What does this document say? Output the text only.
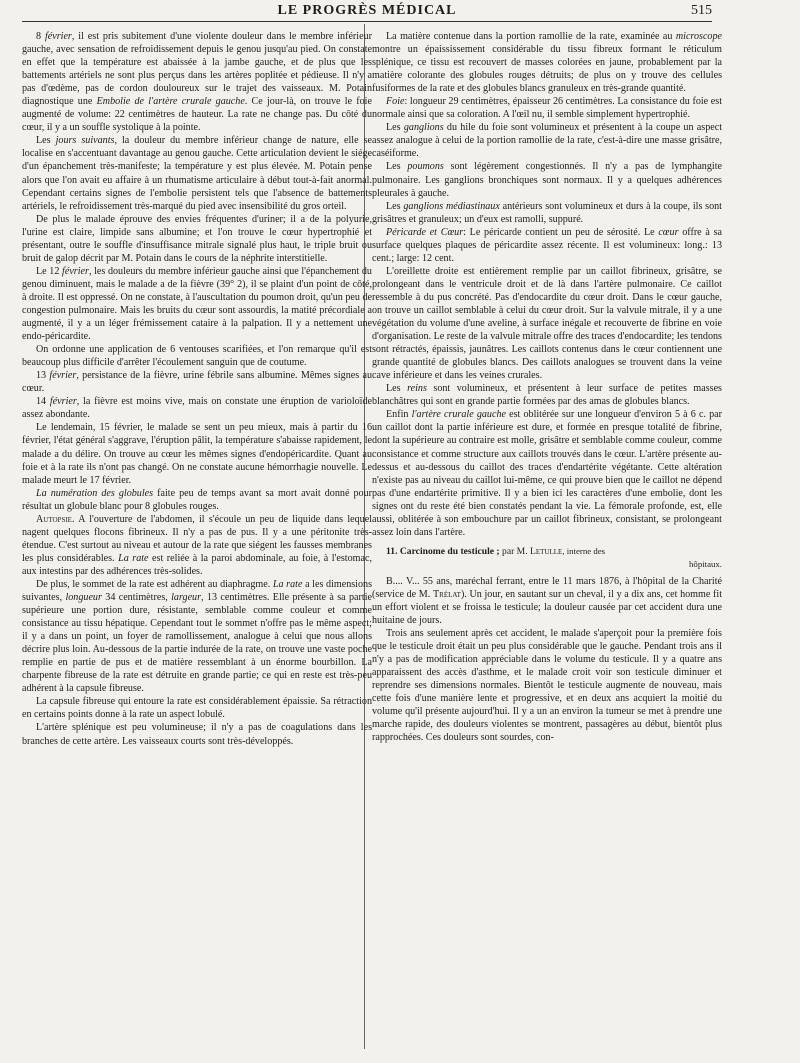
LE PROGRÈS MÉDICAL	515

8 février, il est pris subitement d'une violente douleur dans le membre inférieur gauche, avec sensation de refroidissement depuis le genou jusqu'au pied. On constate en effet que la température est abaissée à la jambe gauche, et de plus que les battements artériels ne sont plus perçus dans les artères poplitée et pédieuse. Il n'y a pas d'œdème, pas de cordon douloureux sur le trajet des vaisseaux. M. Potain diagnostique une Embolie de l'artère crurale gauche. Ce jour-là, on trouve le foie augmenté de volume: 22 centimètres de hauteur. La rate ne change pas. Du côté du cœur, il y a un souffle systolique à la pointe.

Les jours suivants, la douleur du membre inférieur change de nature, elle se localise en s'accentuant davantage au genou gauche. Cette articulation devient le siége d'un épanchement très-manifeste; la température y est plus élevée. M. Potain pense alors que l'on avait eu affaire à un rhumatisme articulaire à début tout-à-fait anormal. Cependant certains signes de l'embolie persistent tels que l'absence de battements artériels, le refroidissement très-marqué du pied avec insensibilité du gros orteil.

De plus le malade éprouve des envies fréquentes d'uriner; il a de la polyurie, l'urine est claire, limpide sans albumine; et l'on trouve le cœur hypertrophié et présentant, outre le souffle d'insuffisance mitrale signalé plus haut, le triple bruit ou bruit de galop décrit par M. Potain dans le cours de la néphrite interstitielle.

Le 12 février, les douleurs du membre inférieur gauche ainsi que l'épanchement du genou diminuent, mais le malade a de la fièvre (39° 2), il se plaint d'un point de côté, à droite. Il est oppressé. On ne constate, à l'auscultation du poumon droit, qu'un peu de congestion pulmonaire. Mais les bruits du cœur sont assourdis, la matité précordiale a augmenté, il y a un léger frémissement cataire à la palpation. Il y a nettement une endo-péricardite.

On ordonne une application de 6 ventouses scarifiées, et l'on remarque qu'il est beaucoup plus difficile d'arrêter l'écoulement sanguin que de coutume.

13 février, persistance de la fièvre, urine fébrile sans albumine. Mêmes signes au cœur.

14 février, la fièvre est moins vive, mais on constate une éruption de varioloïde assez abondante.

Le lendemain, 15 février, le malade se sent un peu mieux, mais à partir du 16 février, l'état général s'aggrave, l'éruption pâlit, la température s'abaisse rapidement, le malade a du délire. On trouve au cœur les mêmes signes d'endopéricardite. Quant au foie et à la rate ils n'ont pas changé. On ne constate aucune hémorrhagie nouvelle. Le malade meurt le 17 février.

La numération des globules faite peu de temps avant sa mort avait donné pour résultat un globule blanc pour 8 globules rouges.

Autopsie. A l'ouverture de l'abdomen, il s'écoule un peu de liquide dans lequel nagent quelques flocons fibrineux. Il n'y a pas de pus. Il y a une péritonite très-étendue. C'est surtout au niveau et autour de la rate que siégent les fausses membranes les plus considérables. La rate est reliée à la paroi abdominale, au foie, à l'estomac, aux intestins par des adhérences très-solides.

De plus, le sommet de la rate est adhérent au diaphragme. La rate a les dimensions suivantes, longueur 34 centimètres, largeur, 13 centimètres. Elle présente à sa partie supérieure une portion dure, résistante, semblable comme couleur et comme consistance au tissu hépatique. Cependant tout le sommet n'offre pas le même aspect; il y a dans un point, un foyer de ramollissement, analogue à celui que nous allons décrire plus loin. Au-dessous de la partie indurée de la rate, on trouve une vaste poche remplie en partie de pus et de matière ressemblant à un énorme bourbillon. La charpente fibreuse de la rate est détruite en grande partie; ce qui en reste est très-peu adhérent à la capsule fibreuse.

La capsule fibreuse qui entoure la rate est considérablement épaissie. Sa rétraction en certains points donne à la rate un aspect lobulé.

L'artère splénique est peu volumineuse; il n'y a pas de coagulations dans les branches de cette artère. Les vaisseaux courts sont très-développés.

La matière contenue dans la portion ramollie de la rate, examinée au microscope montre un épaississement considérable du tissu fibreux formant le réticulum splénique, ce tissu est recouvert de masses colorées en jaune, probablement par la matière colorante des globules rouges détruits; de plus on y trouve des cellules fusiformes de la rate et des globules blancs granuleux en très-grande quantité.

Foie: longueur 29 centimètres, épaisseur 26 centimètres. La consistance du foie est normale ainsi que sa coloration. A l'œil nu, il semble simplement hypertrophié.

Les ganglions du hile du foie sont volumineux et présentent à la coupe un aspect assez analogue à celui de la portion ramollie de la rate, c'est-à-dire une masse grisâtre, caséiforme.

Les poumons sont légèrement congestionnés. Il n'y a pas de lymphangite pulmonaire. Les ganglions bronchiques sont normaux. Il y a quelques adhérences pleurales à gauche.

Les ganglions médiastinaux antérieurs sont volumineux et durs à la coupe, ils sont grisâtres et granuleux; un d'eux est ramolli, suppuré.

Péricarde et Cœur: Le péricarde contient un peu de sérosité. Le cœur offre à sa surface quelques plaques de péricardite assez récente. Il est volumineux: long.: 13 cent.; large: 12 cent.

L'oreillette droite est entièrement remplie par un caillot fibrineux, grisâtre, se prolongeant dans le ventricule droit et de là dans l'artère pulmonaire. Ce caillot ressemble à du pus concrété. Pas d'endocardite du cœur droit. Dans le cœur gauche, on trouve un caillot semblable à celui du cœur droit. Sur la valvule mitrale, il y a une végétation du volume d'une aveline, à surface inégale et recouverte de fibrine en voie d'organisation. Le reste de la valvule mitrale offre des traces d'endocardite; les tendons sont rétractés, épaissis, jaunâtres. Les caillots contenus dans le cœur contiennent une grande quantité de globules blancs. Des caillots analogues se trouvent dans la veine cave inférieure et dans les veines crurales.

Les reins sont volumineux, et présentent à leur surface de petites masses blanchâtres qui sont en grande partie formées par des amas de globules blancs.

Enfin l'artère crurale gauche est oblitérée sur une longueur d'environ 5 à 6 c. par un caillot dont la partie inférieure est dure, et formée en presque totalité de fibrine, dont la supérieure au contraire est molle, grisâtre et semblable comme couleur, comme consistance et comme structure aux caillots trouvés dans le cœur. L'artère présente au-dessus et au-dessous du caillot des traces d'endartérite végétante. Cette altération n'existe pas au niveau du caillot lui-même, ce qui prouve bien que le caillot ne dépend pas d'une endartérite primitive. Il y a bien ici les caractères d'une embolie, dont les signes ont du reste été bien constatés pendant la vie. La fémorale profonde, est, elle aussi, oblitérée à son embouchure par un caillot fibrineux, consistant, se prolongeant assez loin dans l'artère.

11. Carcinome du testicule ; par M. Letulle, interne des
hôpitaux.

B.... V... 55 ans, maréchal ferrant, entre le 11 mars 1876, à l'hôpital de la Charité (service de M. Trélat). Un jour, en sautant sur un cheval, il y a dix ans, cet homme fit un effort violent et se froissa le testicule; la douleur causée par cet accident dura une huitaine de jours.

Trois ans seulement après cet accident, le malade s'aperçoit pour la première fois que le testicule droit était un peu plus considérable que le gauche. Pendant trois ans il n'y a pas de modification appréciable dans le volume du testicule. Il y a quatre ans apparaissent des accès d'asthme, et le malade croit voir son testicule diminuer et reprendre ses dimensions normales. Bientôt le testicule augmente de nouveau, mais cette fois d'une manière lente et progressive, et en deux ans acquiert la moitié du volume qu'il présente aujourd'hui. Il y a un an environ la tumeur se met à prendre une marche rapide, des douleurs violentes se montrent, passagères au début, bientôt plus rapprochées. Ces douleurs sont sourdes, con-
